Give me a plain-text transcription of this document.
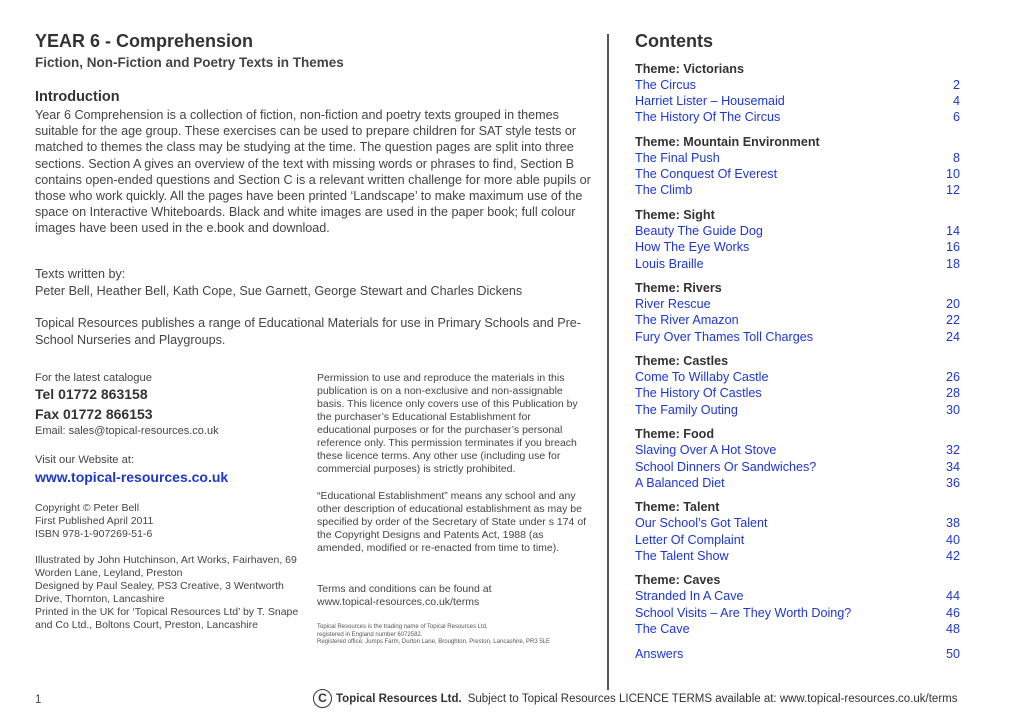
YEAR 6 - Comprehension
Fiction, Non-Fiction and Poetry Texts in Themes
Introduction
Year 6 Comprehension is a collection of fiction, non-fiction and poetry texts grouped in themes suitable for the age group. These exercises can be used to prepare children for SAT style tests or matched to themes the class may be studying at the time. The question pages are split into three sections. Section A gives an overview of the text with missing words or phrases to find, Section B contains open-ended questions and Section C is a relevant written challenge for more able pupils or those who work quickly. All the pages have been printed ‘Landscape’ to make maximum use of the space on Interactive Whiteboards. Black and white images are used in the paper book; full colour images have been used in the e.book and download.
Texts written by:
Peter Bell, Heather Bell, Kath Cope, Sue Garnett, George Stewart and Charles Dickens
Topical Resources publishes a range of Educational Materials for use in Primary Schools and Pre-School Nurseries and Playgroups.
For the latest catalogue
Tel 01772 863158
Fax 01772 866153
Email: sales@topical-resources.co.uk
Visit our Website at:
www.topical-resources.co.uk
Copyright © Peter Bell
First Published April 2011
ISBN 978-1-907269-51-6
Illustrated by John Hutchinson, Art Works, Fairhaven, 69 Worden Lane, Leyland, Preston
Designed by Paul Sealey, PS3 Creative, 3 Wentworth Drive, Thornton, Lancashire
Printed in the UK for ‘Topical Resources Ltd’ by T. Snape and Co Ltd., Boltons Court, Preston, Lancashire
Permission to use and reproduce the materials in this publication is on a non-exclusive and non-assignable basis. This licence only covers use of this Publication by the purchaser’s Educational Establishment for educational purposes or for the purchaser’s personal reference only. This permission terminates if you breach these licence terms. Any other use (including use for commercial purposes) is strictly prohibited.
“Educational Establishment” means any school and any other description of educational establishment as may be specified by order of the Secretary of State under s 174 of the Copyright Designs and Patents Act, 1988 (as amended, modified or re-enacted from time to time).
Terms and conditions can be found at
www.topical-resources.co.uk/terms
Topical Resources is the trading name of Topical Resources Ltd,
registered in England number 6072582.
Registered office: Jumps Farm, Durton Lane, Broughton, Preston, Lancashire, PR3 5LE
Contents
Theme: Victorians
The Circus	2
Harriet Lister – Housemaid	4
The History Of The Circus	6
Theme: Mountain Environment
The Final Push	8
The Conquest Of Everest	10
The Climb	12
Theme: Sight
Beauty The Guide Dog	14
How The Eye Works	16
Louis Braille	18
Theme: Rivers
River Rescue	20
The River Amazon	22
Fury Over Thames Toll Charges	24
Theme: Castles
Come To Willaby Castle	26
The History Of Castles	28
The Family Outing	30
Theme: Food
Slaving Over A Hot Stove	32
School Dinners Or Sandwiches?	34
A Balanced Diet	36
Theme: Talent
Our School’s Got Talent	38
Letter Of Complaint	40
The Talent Show	42
Theme: Caves
Stranded In A Cave	44
School Visits – Are They Worth Doing?	46
The Cave	48
Answers	50
1	C Topical Resources Ltd. Subject to Topical Resources LICENCE TERMS available at: www.topical-resources.co.uk/terms
